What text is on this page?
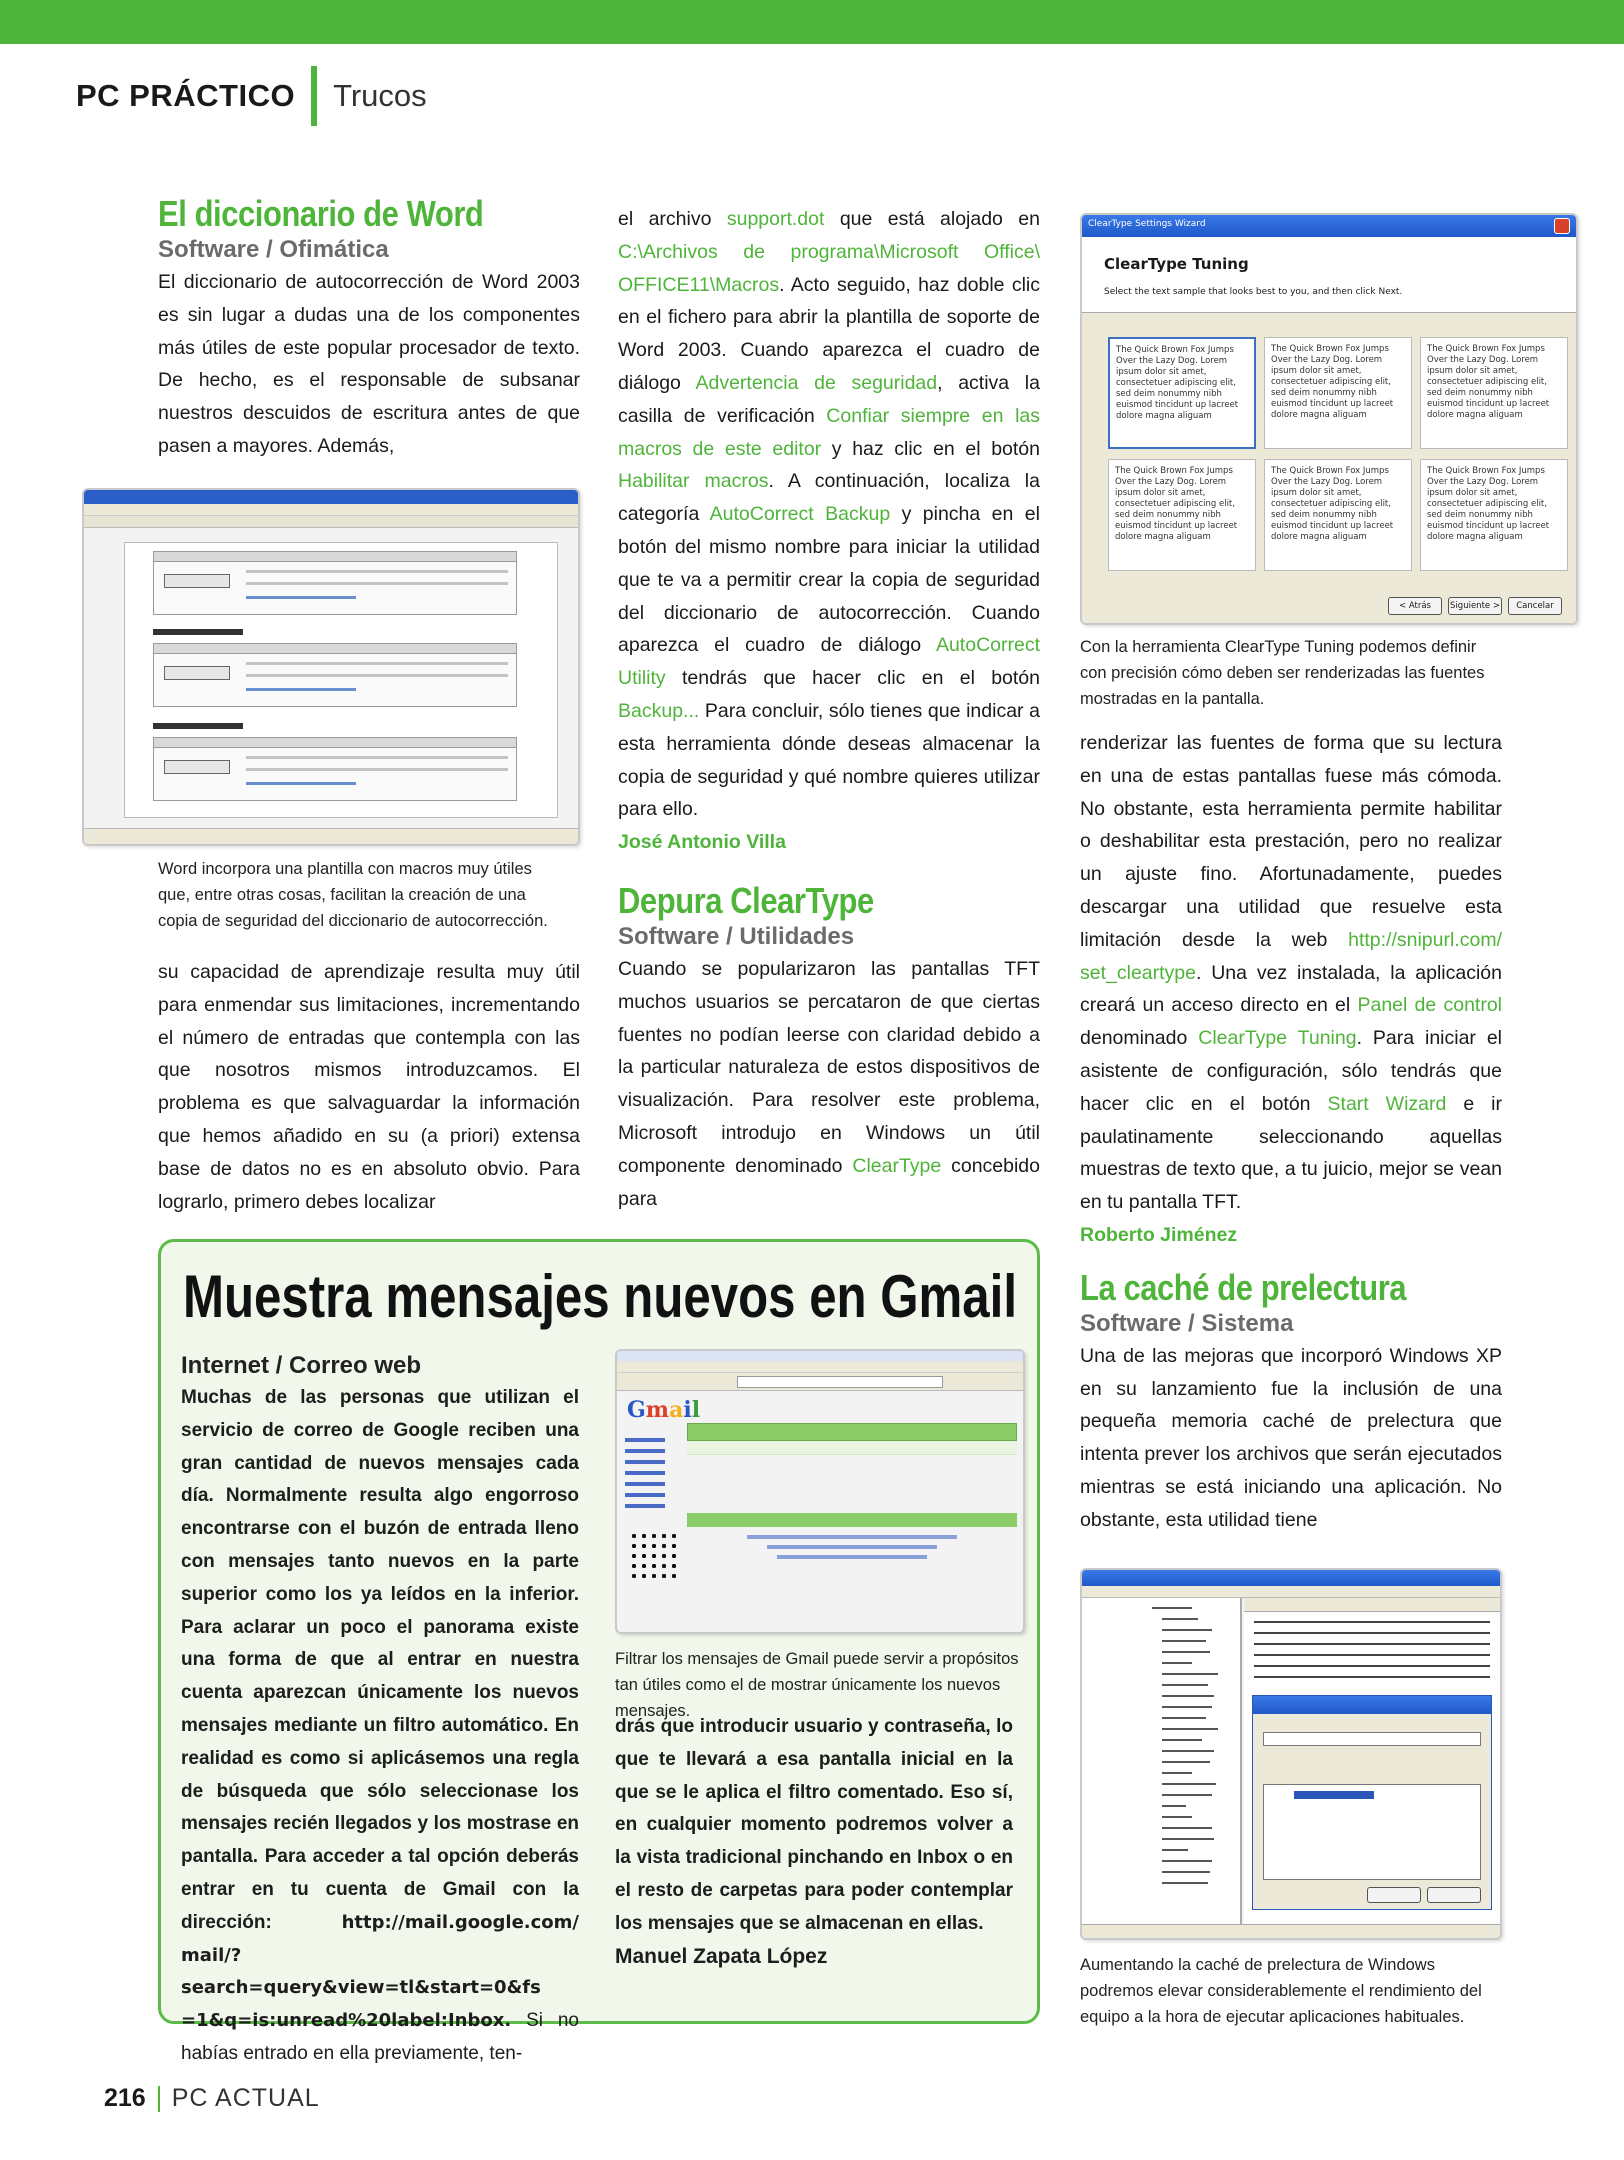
PC PRÁCTICO Trucos
El diccionario de Word
Software / Ofimática

El diccionario de autocorrección de Word 2003 es sin lugar a dudas una de los componentes más útiles de este popular procesador de texto. De hecho, es el responsable de subsanar nuestros descuidos de escritura antes de que pasen a mayores. Además,

Word incorpora una plantilla con macros muy útiles que, entre otras cosas, facilitan la creación de una copia de seguridad del diccionario de autocorrección.

su capacidad de aprendizaje resulta muy útil para enmendar sus limitaciones, incrementando el número de entradas que contempla con las que nosotros mismos introduzcamos. El problema es que salvaguardar la información que hemos añadido en su (a priori) extensa base de datos no es en absoluto obvio. Para lograrlo, primero debes localizar

el archivo support.dot que está alojado en C:\Archivos de programa\Microsoft Office\ OFFICE11\Macros. Acto seguido, haz doble clic en el fichero para abrir la plantilla de soporte de Word 2003. Cuando aparezca el cuadro de diálogo Advertencia de seguridad, activa la casilla de verificación Confiar siempre en las macros de este editor y haz clic en el botón Habilitar macros. A continuación, localiza la categoría AutoCorrect Backup y pincha en el botón del mismo nombre para iniciar la utilidad que te va a permitir crear la copia de seguridad del diccionario de autocorrección. Cuando aparezca el cuadro de diálogo AutoCorrect Utility tendrás que hacer clic en el botón Backup... Para concluir, sólo tienes que indicar a esta herramienta dónde deseas almacenar la copia de seguridad y qué nombre quieres utilizar para ello.

José Antonio Villa
Depura ClearType
Software / Utilidades

Cuando se popularizaron las pantallas TFT muchos usuarios se percataron de que ciertas fuentes no podían leerse con claridad debido a la particular naturaleza de estos dispositivos de visualización. Para resolver este problema, Microsoft introdujo en Windows un útil componente denominado ClearType concebido para

ClearType Settings Wizard
ClearType Tuning
Select the text sample that looks best to you, and then click Next.
The Quick Brown Fox Jumps Over the Lazy Dog. Lorem ipsum dolor sit amet, consectetuer adipiscing elit, sed deim nonummy nibh euismod tincidunt up lacreet dolore magna aliguam
The Quick Brown Fox Jumps Over the Lazy Dog. Lorem ipsum dolor sit amet, consectetuer adipiscing elit, sed deim nonummy nibh euismod tincidunt up lacreet dolore magna aliguam
The Quick Brown Fox Jumps Over the Lazy Dog. Lorem ipsum dolor sit amet, consectetuer adipiscing elit, sed deim nonummy nibh euismod tincidunt up lacreet dolore magna aliguam
The Quick Brown Fox Jumps Over the Lazy Dog. Lorem ipsum dolor sit amet, consectetuer adipiscing elit, sed deim nonummy nibh euismod tincidunt up lacreet dolore magna aliguam
The Quick Brown Fox Jumps Over the Lazy Dog. Lorem ipsum dolor sit amet, consectetuer adipiscing elit, sed deim nonummy nibh euismod tincidunt up lacreet dolore magna aliguam
The Quick Brown Fox Jumps Over the Lazy Dog. Lorem ipsum dolor sit amet, consectetuer adipiscing elit, sed deim nonummy nibh euismod tincidunt up lacreet dolore magna aliguam
< Atrás	Siguiente >	Cancelar
Con la herramienta ClearType Tuning podemos definir con precisión cómo deben ser renderizadas las fuentes mostradas en la pantalla.

renderizar las fuentes de forma que su lectura en una de estas pantallas fuese más cómoda. No obstante, esta herramienta permite habilitar o deshabilitar esta prestación, pero no realizar un ajuste fino. Afortunadamente, puedes descargar una utilidad que resuelve esta limitación desde la web http://snipurl.com/ set_cleartype. Una vez instalada, la aplicación creará un acceso directo en el Panel de control denominado ClearType Tuning. Para iniciar el asistente de configuración, sólo tendrás que hacer clic en el botón Start Wizard e ir paulatinamente seleccionando aquellas muestras de texto que, a tu juicio, mejor se vean en tu pantalla TFT.

Roberto Jiménez
La caché de prelectura
Software / Sistema

Una de las mejoras que incorporó Windows XP en su lanzamiento fue la inclusión de una pequeña memoria caché de prelectura que intenta prever los archivos que serán ejecutados mientras se está iniciando una aplicación. No obstante, esta utilidad tiene

Aumentando la caché de prelectura de Windows podremos elevar considerablemente el rendimiento del equipo a la hora de ejecutar aplicaciones habituales.
Muestra mensajes nuevos en Gmail
Internet / Correo web

Muchas de las personas que utilizan el servicio de correo de Google reciben una gran cantidad de nuevos mensajes cada día. Normalmente resulta algo engorroso encontrarse con el buzón de entrada lleno con mensajes tanto nuevos en la parte superior como los ya leídos en la inferior. Para aclarar un poco el panorama existe una forma de que al entrar en nuestra cuenta aparezcan únicamente los nuevos mensajes mediante un filtro automático. En realidad es como si aplicásemos una regla de búsqueda que sólo seleccionase los mensajes recién llegados y los mostrase en pantalla. Para acceder a tal opción deberás entrar en tu cuenta de Gmail con la dirección: http://mail.google.com/ mail/?search=query&view=tl&start=0&fs =1&q=is:unread%20label:Inbox. Si no habías entrado en ella previamente, ten-

Gmail
Filtrar los mensajes de Gmail puede servir a propósitos tan útiles como el de mostrar únicamente los nuevos mensajes.

drás que introducir usuario y contraseña, lo que te llevará a esa pantalla inicial en la que se le aplica el filtro comentado. Eso sí, en cualquier momento podremos volver a la vista tradicional pinchando en Inbox o en el resto de carpetas para poder contemplar los mensajes que se almacenan en ellas.

Manuel Zapata López
216 PC ACTUAL
